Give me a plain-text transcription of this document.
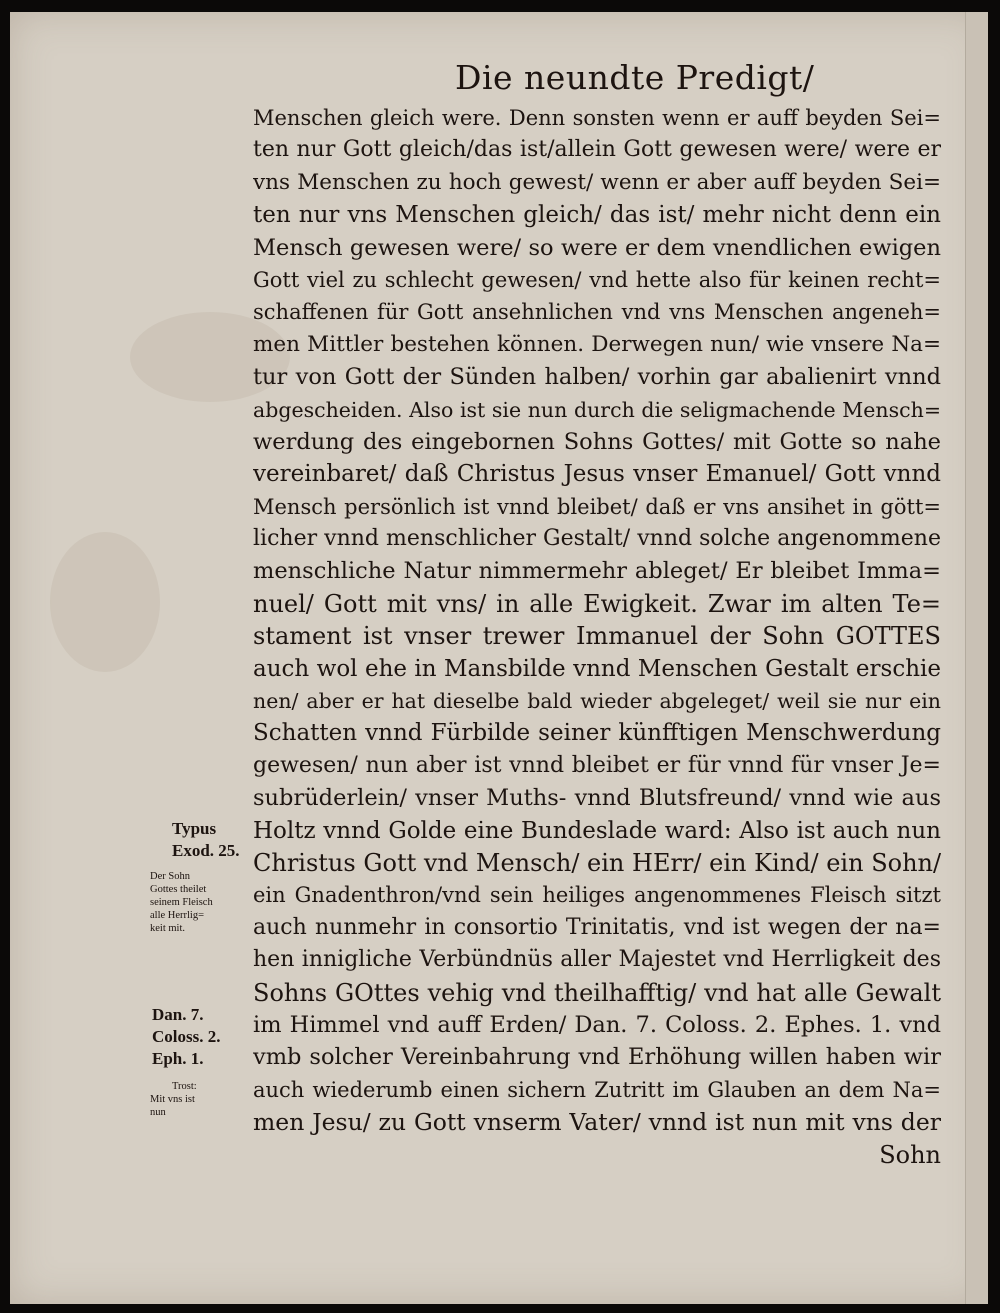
Die neundte Predigt/
Menschen gleich were. Denn sonsten wenn er auff beyden Sei=
ten nur Gott gleich/das ist/allein Gott gewesen were/ were er
vns Menschen zu hoch gewest/ wenn er aber auff beyden Sei=
ten nur vns Menschen gleich/ das ist/ mehr nicht denn ein
Mensch gewesen were/ so were er dem vnendlichen ewigen
Gott viel zu schlecht gewesen/ vnd hette also für keinen recht=
schaffenen für Gott ansehnlichen vnd vns Menschen angeneh=
men Mittler bestehen können. Derwegen nun/ wie vnsere Na=
tur von Gott der Sünden halben/ vorhin gar abalienirt vnnd
abgescheiden. Also ist sie nun durch die seligmachende Mensch=
werdung des eingebornen Sohns Gottes/ mit Gotte so nahe
vereinbaret/ daß Christus Jesus vnser Emanuel/ Gott vnnd
Mensch persönlich ist vnnd bleibet/ daß er vns ansihet in gött=
licher vnnd menschlicher Gestalt/ vnnd solche angenommene
menschliche Natur nimmermehr ableget/ Er bleibet Imma=
nuel/ Gott mit vns/ in alle Ewigkeit. Zwar im alten Te=
stament ist vnser trewer Immanuel der Sohn GOTTES
auch wol ehe in Mansbilde vnnd Menschen Gestalt erschie
nen/ aber er hat dieselbe bald wieder abgeleget/ weil sie nur ein
Schatten vnnd Fürbilde seiner künfftigen Menschwerdung
gewesen/ nun aber ist vnnd bleibet er für vnnd für vnser Je=
subrüderlein/ vnser Muths- vnnd Blutsfreund/ vnnd wie aus
Holtz vnnd Golde eine Bundeslade ward: Also ist auch nun
Christus Gott vnd Mensch/ ein HErr/ ein Kind/ ein Sohn/
ein Gnadenthron/vnd sein heiliges angenommenes Fleisch sitzt
auch nunmehr in consortio Trinitatis, vnd ist wegen der na=
hen innigliche Verbündnüs aller Majestet vnd Herrligkeit des
Sohns GOttes vehig vnd theilhafftig/ vnd hat alle Gewalt
im Himmel vnd auff Erden/ Dan. 7. Coloss. 2. Ephes. 1. vnd
vmb solcher Vereinbahrung vnd Erhöhung willen haben wir
auch wiederumb einen sichern Zutritt im Glauben an dem Na=
men Jesu/ zu Gott vnserm Vater/ vnnd ist nun mit vns der
Sohn
Typus
Exod. 25.
Der Sohn
Gottes theilet
seinem Fleisch
alle Herrlig=
keit mit.
Dan. 7.
Coloss. 2.
Eph. 1.
Trost:
Mit vns ist
nun
